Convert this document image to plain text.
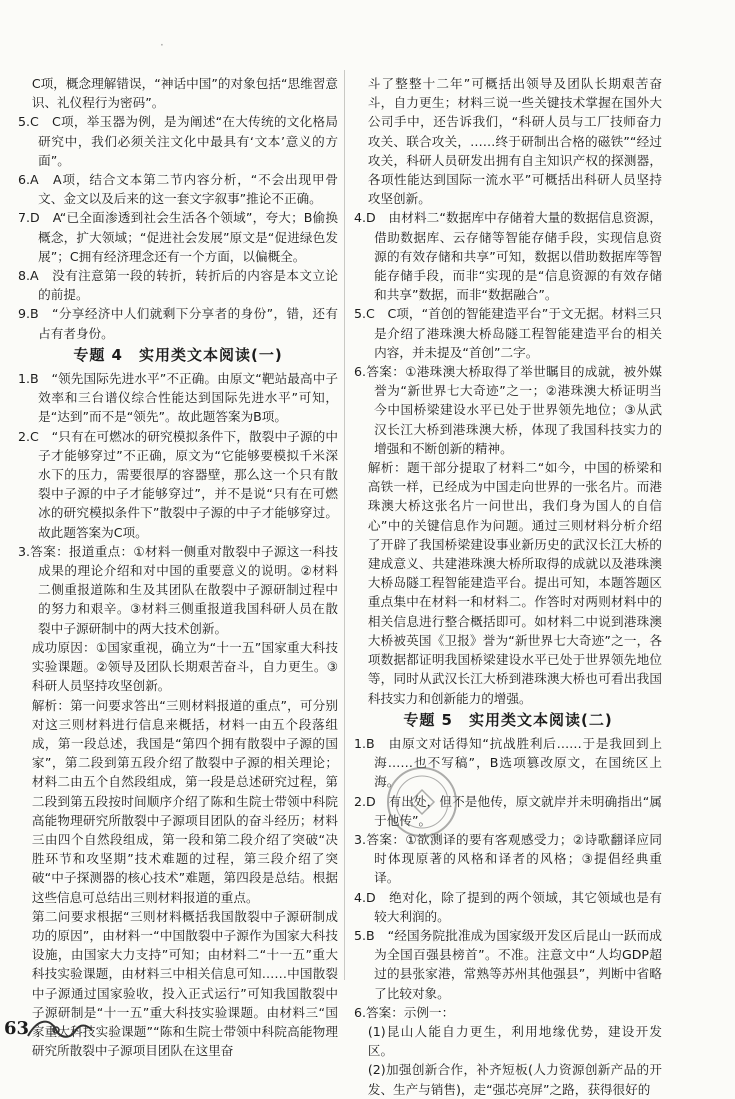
·

C项，概念理解错误，“神话中国”的对象包括“思维習意识、礼仪程行为密码”。

5.C　C项，举玉器为例，是为阐述“在大传统的文化格局研究中，我们必须关注文化中最具有‘文本’意义的方面”。

6.A　A项，结合文本第二节内容分析，“不会出现甲骨文、金文以及后来的这一套文字叙事”推论不正确。

7.D　A“已全面渗透到社会生活各个领域”，夸大；B偷换概念，扩大领域；“促进社会发展”原文是“促进绿色发展”；C拥有经济理念还有一个方面，以偏概全。

8.A　没有注意第一段的转折，转折后的内容是本文立论的前提。

9.B　“分享经济中人们就剩下分享者的身份”，错，还有占有者身份。

专题 4　实用类文本阅读(一)

1.B　“领先国际先进水平”不正确。由原文“靶站最高中子效率和三台谱仪综合性能达到国际先进水平”可知，是“达到”而不是“领先”。故此题答案为B项。

2.C　“只有在可燃冰的研究模拟条件下，散裂中子源的中子才能够穿过”不正确，原文为“它能够要模拟千米深水下的压力，需要很厚的容器壁，那么这一个只有散裂中子源的中子才能够穿过”，并不是说“只有在可燃冰的研究模拟条件下”散裂中子源的中子才能够穿过。故此题答案为C项。

3.答案：报道重点：①材料一侧重对散裂中子源这一科技成果的理论介绍和对中国的重要意义的说明。②材料二侧重报道陈和生及其团队在散裂中子源研制过程中的努力和艰辛。③材料三侧重报道我国科研人员在散裂中子源研制中的两大技术创新。

成功原因：①国家重视，确立为“十一五”国家重大科技实验课题。②领导及团队长期艰苦奋斗，自力更生。③科研人员坚持攻坚创新。

解析：第一问要求答出“三则材料报道的重点”，可分别对这三则材料进行信息来概括，材料一由五个段落组成，第一段总述，我国是“第四个拥有散裂中子源的国家”，第二段到第五段介绍了散裂中子源的相关理论；材料二由五个自然段组成，第一段是总述研究过程，第二段到第五段按时间顺序介绍了陈和生院士带领中科院高能物理研究所散裂中子源项目团队的奋斗经历；材料三由四个自然段组成，第一段和第二段介绍了突破“决胜环节和攻坚期”技术难题的过程，第三段介绍了突破“中子探测器的核心技术”难题，第四段是总结。根据这些信息可总结出三则材料报道的重点。

第二问要求根据“三则材料概括我国散裂中子源研制成功的原因”，由材料一“中国散裂中子源作为国家大科技设施，由国家大力支持”可知；由材料二“十一五”重大科技实验课题，由材料三中相关信息可知……中国散裂中子源通过国家验收，投入正式运行”可知我国散裂中子源研制是“十一五”重大科技实验课题。由材料三“国家重大科技实验课题”“陈和生院士带领中科院高能物理研究所散裂中子源项目团队在这里奋

斗了整整十二年”可概括出领导及团队长期艰苦奋斗，自力更生；材料三说一些关键技术掌握在国外大公司手中，还告诉我们，“科研人员与工厂技师奋力攻关、联合攻关，……终于研制出合格的磁铁”“经过攻关，科研人员研发出拥有自主知识产权的探测器，各项性能达到国际一流水平”可概括出科研人员坚持攻坚创新。

4.D　由材料二“数据库中存储着大量的数据信息资源，借助数据库、云存储等智能存储手段，实现信息资源的有效存储和共享”可知，数据以借助数据库等智能存储手段，而非“实现的是“信息资源的有效存储和共享”数据，而非“数据融合”。

5.C　C项，“首创的智能建造平台”于文无据。材料三只是介绍了港珠澳大桥岛隧工程智能建造平台的相关内容，并未提及“首创”二字。

6.答案：①港珠澳大桥取得了举世瞩目的成就，被外媒誉为“新世界七大奇迹”之一；②港珠澳大桥证明当今中国桥梁建设水平已处于世界领先地位；③从武汉长江大桥到港珠澳大桥，体现了我国科技实力的增强和不断创新的精神。

解析：题干部分提取了材料二“如今，中国的桥梁和高铁一样，已经成为中国走向世界的一张名片。而港珠澳大桥这张名片一问世出，我们身为国人的自信心”中的关键信息作为问题。通过三则材料分析介绍了开辟了我国桥梁建设事业新历史的武汉长江大桥的建成意义、共建港珠澳大桥所取得的成就以及港珠澳大桥岛隧工程智能建造平台。提出可知，本题答题区重点集中在材料一和材料二。作答时对两则材料中的相关信息进行整合概括即可。如材料二中说到港珠澳大桥被英国《卫报》誉为“新世界七大奇迹”之一，各项数据都证明我国桥梁建设水平已处于世界领先地位等，同时从武汉长江大桥到港珠澳大桥也可看出我国科技实力和创新能力的增强。

专题 5　实用类文本阅读(二)

1.B　由原文对话得知“抗战胜利后……于是我回到上海……也不写稿”，B选项篡改原文，在国统区上海。

2.D　有出处，但不是他传，原文就岸并未明确指出“属于他传”。

3.答案：①欲测译的要有客观感受力；②诗歌翻译应同时体现原著的风格和译者的风格；③提倡经典重译。

4.D　绝对化，除了提到的两个领域，其它领域也是有较大利润的。

5.B　“经国务院批准成为国家级开发区后昆山一跃而成为全国百强县榜首”。不准。注意文中“人均GDP超过的县张家港，常熟等苏州其他强县”，判断中省略了比较对象。

6.答案：示例一：

(1)昆山人能自力更生，利用地缘优势，建设开发区。

(2)加强创新合作，补齐短板(人力资源创新产品的开发、生产与销售)，走“强芯亮屏”之路，获得很好的

63
